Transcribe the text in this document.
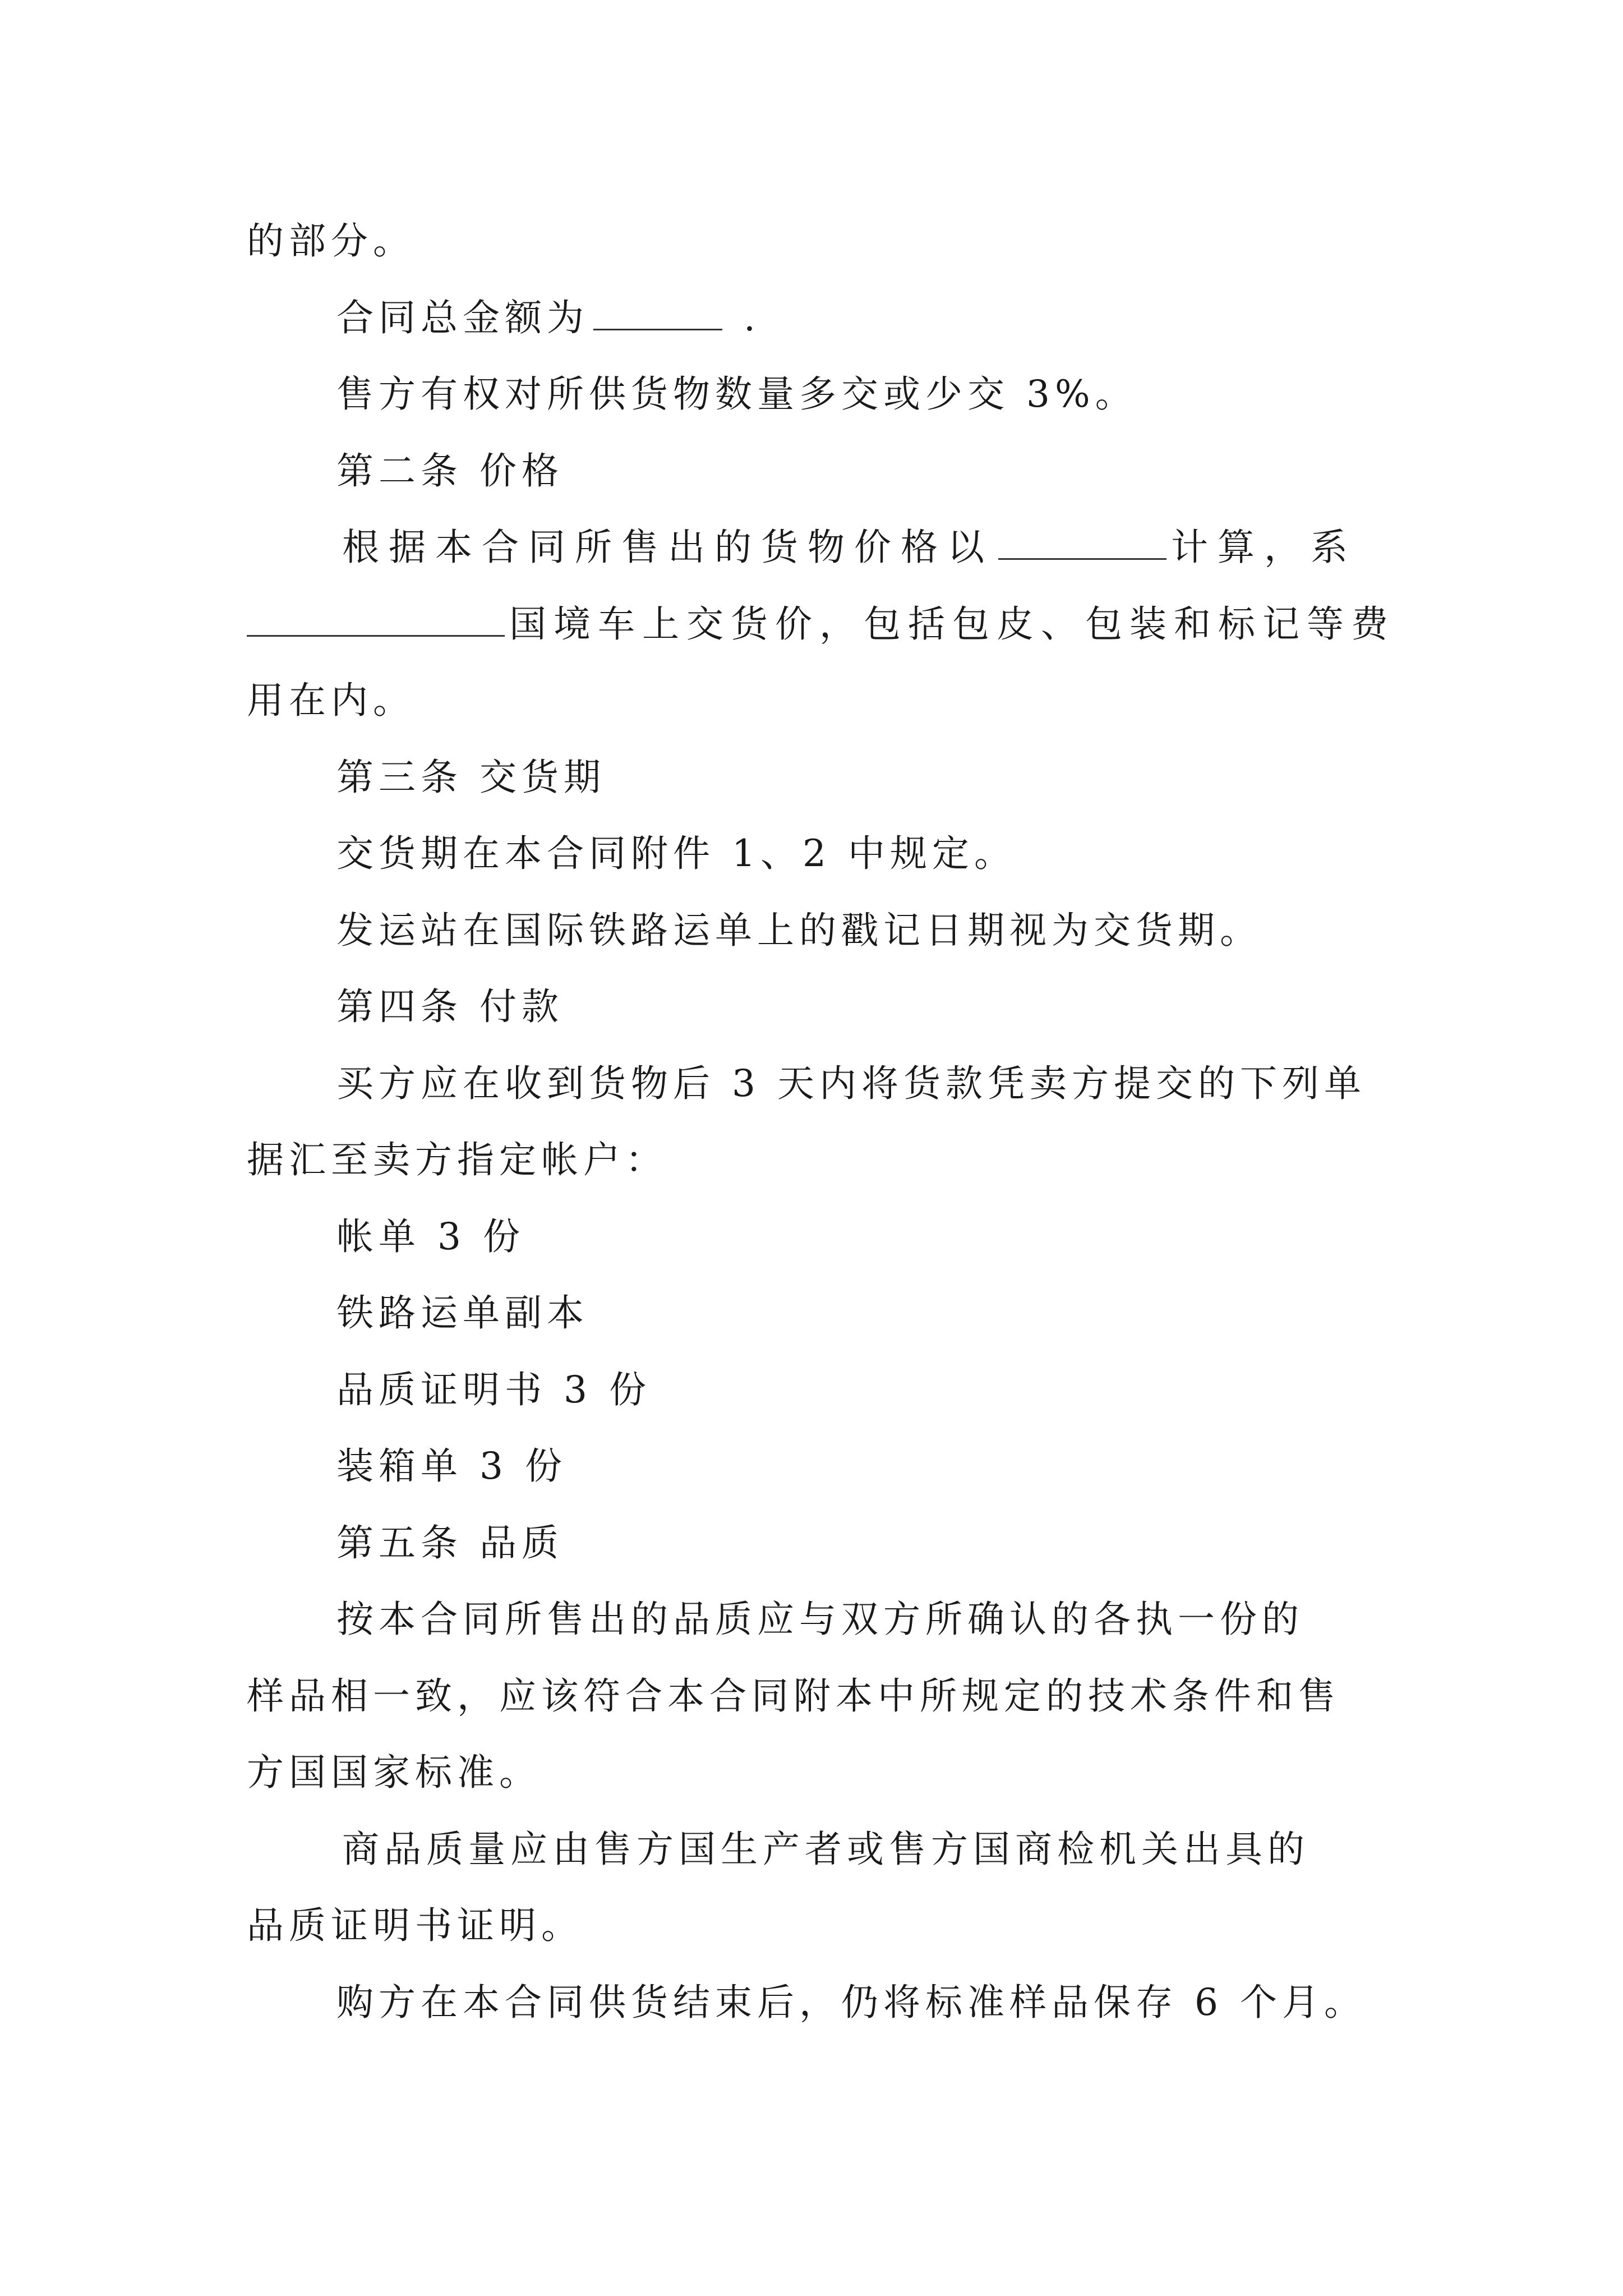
的部分。
合同总金额为	.
售方有权对所供货物数量多交或少交 3%。
第二条 价格
根据本合同所售出的货物价格以	计算，系
国境车上交货价，包括包皮、包装和标记等费
用在内。
第三条 交货期
交货期在本合同附件 1、2 中规定。
发运站在国际铁路运单上的戳记日期视为交货期。
第四条 付款
买方应在收到货物后 3 天内将货款凭卖方提交的下列单
据汇至卖方指定帐户：
帐单 3 份
铁路运单副本
品质证明书 3 份
装箱单 3 份
第五条 品质
按本合同所售出的品质应与双方所确认的各执一份的
样品相一致，应该符合本合同附本中所规定的技术条件和售
方国国家标准。
商品质量应由售方国生产者或售方国商检机关出具的
品质证明书证明。
购方在本合同供货结束后，仍将标准样品保存 6 个月。
